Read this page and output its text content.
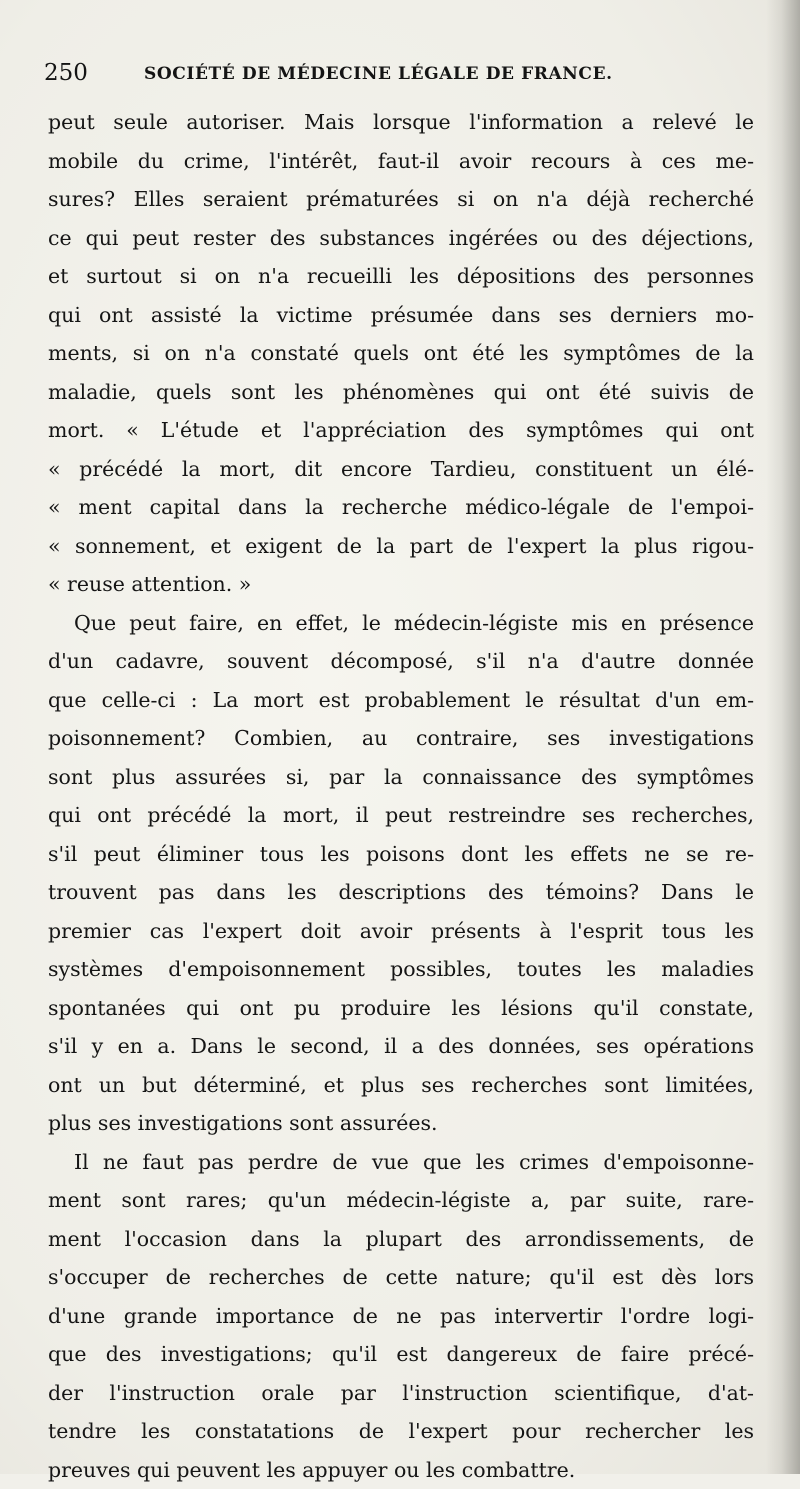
250	SOCIÉTÉ DE MÉDECINE LÉGALE DE FRANCE.
peut seule autoriser. Mais lorsque l'information a relevé le
mobile du crime, l'intérêt, faut-il avoir recours à ces me-
sures? Elles seraient prématurées si on n'a déjà recherché
ce qui peut rester des substances ingérées ou des déjections,
et surtout si on n'a recueilli les dépositions des personnes
qui ont assisté la victime présumée dans ses derniers mo-
ments, si on n'a constaté quels ont été les symptômes de la
maladie, quels sont les phénomènes qui ont été suivis de
mort. « L'étude et l'appréciation des symptômes qui ont
« précédé la mort, dit encore Tardieu, constituent un élé-
« ment capital dans la recherche médico-légale de l'empoi-
« sonnement, et exigent de la part de l'expert la plus rigou-
« reuse attention. »
Que peut faire, en effet, le médecin-légiste mis en présence
d'un cadavre, souvent décomposé, s'il n'a d'autre donnée
que celle-ci : La mort est probablement le résultat d'un em-
poisonnement? Combien, au contraire, ses investigations
sont plus assurées si, par la connaissance des symptômes
qui ont précédé la mort, il peut restreindre ses recherches,
s'il peut éliminer tous les poisons dont les effets ne se re-
trouvent pas dans les descriptions des témoins? Dans le
premier cas l'expert doit avoir présents à l'esprit tous les
systèmes d'empoisonnement possibles, toutes les maladies
spontanées qui ont pu produire les lésions qu'il constate,
s'il y en a. Dans le second, il a des données, ses opérations
ont un but déterminé, et plus ses recherches sont limitées,
plus ses investigations sont assurées.
Il ne faut pas perdre de vue que les crimes d'empoisonne-
ment sont rares; qu'un médecin-légiste a, par suite, rare-
ment l'occasion dans la plupart des arrondissements, de
s'occuper de recherches de cette nature; qu'il est dès lors
d'une grande importance de ne pas intervertir l'ordre logi-
que des investigations; qu'il est dangereux de faire précé-
der l'instruction orale par l'instruction scientifique, d'at-
tendre les constatations de l'expert pour rechercher les
preuves qui peuvent les appuyer ou les combattre.
